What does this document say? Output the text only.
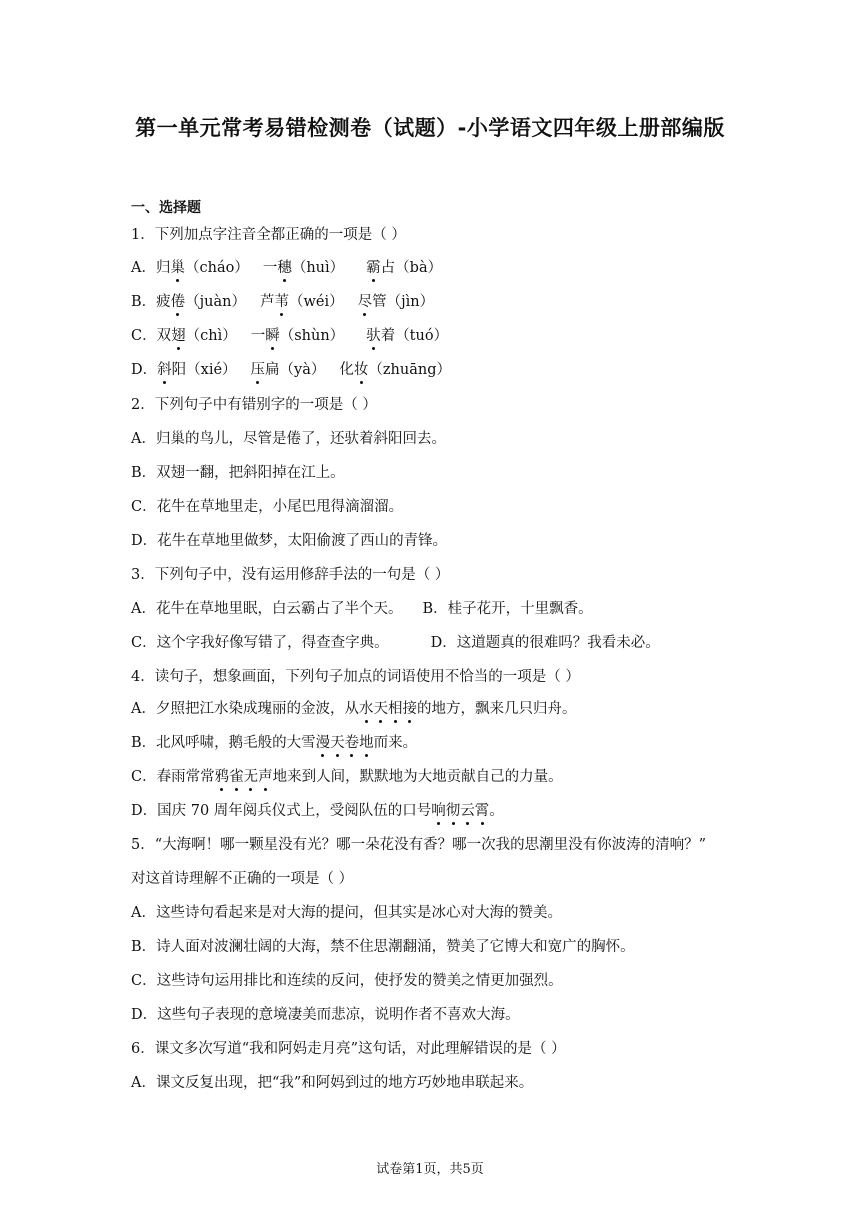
第一单元常考易错检测卷（试题）-小学语文四年级上册部编版
一、选择题
1．下列加点字注音全都正确的一项是（ ）
A．归巢（cháo） 一穗（huì） 霸占（bà）
B．疲倦（juàn） 芦苇（wéi） 尽管（jìn）
C．双翅（chì） 一瞬（shùn） 驮着（tuó）
D．斜阳（xié） 压扁（yà） 化妆（zhuāng）
2．下列句子中有错别字的一项是（ ）
A．归巢的鸟儿，尽管是倦了，还驮着斜阳回去。
B．双翅一翻，把斜阳掉在江上。
C．花牛在草地里走，小尾巴甩得滴溜溜。
D．花牛在草地里做梦，太阳偷渡了西山的青锋。
3．下列句子中，没有运用修辞手法的一句是（ ）
A．花牛在草地里眠，白云霸占了半个天。 B．桂子花开，十里飘香。
C．这个字我好像写错了，得查查字典。	D．这道题真的很难吗？我看未必。
4．读句子，想象画面，下列句子加点的词语使用不恰当的一项是（ ）
A．夕照把江水染成瑰丽的金波，从水天相接的地方，飘来几只归舟。
B．北风呼啸，鹅毛般的大雪漫天卷地而来。
C．春雨常常鸦雀无声地来到人间，默默地为大地贡献自己的力量。
D．国庆 70 周年阅兵仪式上，受阅队伍的口号响彻云霄。
5．“大海啊！哪一颗星没有光？哪一朵花没有香？哪一次我的思潮里没有你波涛的清响？”
对这首诗理解不正确的一项是（ ）
A．这些诗句看起来是对大海的提问，但其实是冰心对大海的赞美。
B．诗人面对波澜壮阔的大海，禁不住思潮翻涌，赞美了它博大和宽广的胸怀。
C．这些诗句运用排比和连续的反问，使抒发的赞美之情更加强烈。
D．这些句子表现的意境凄美而悲凉，说明作者不喜欢大海。
6．课文多次写道“我和阿妈走月亮”这句话，对此理解错误的是（ ）
A．课文反复出现，把“我”和阿妈到过的地方巧妙地串联起来。
试卷第1页，共5页
